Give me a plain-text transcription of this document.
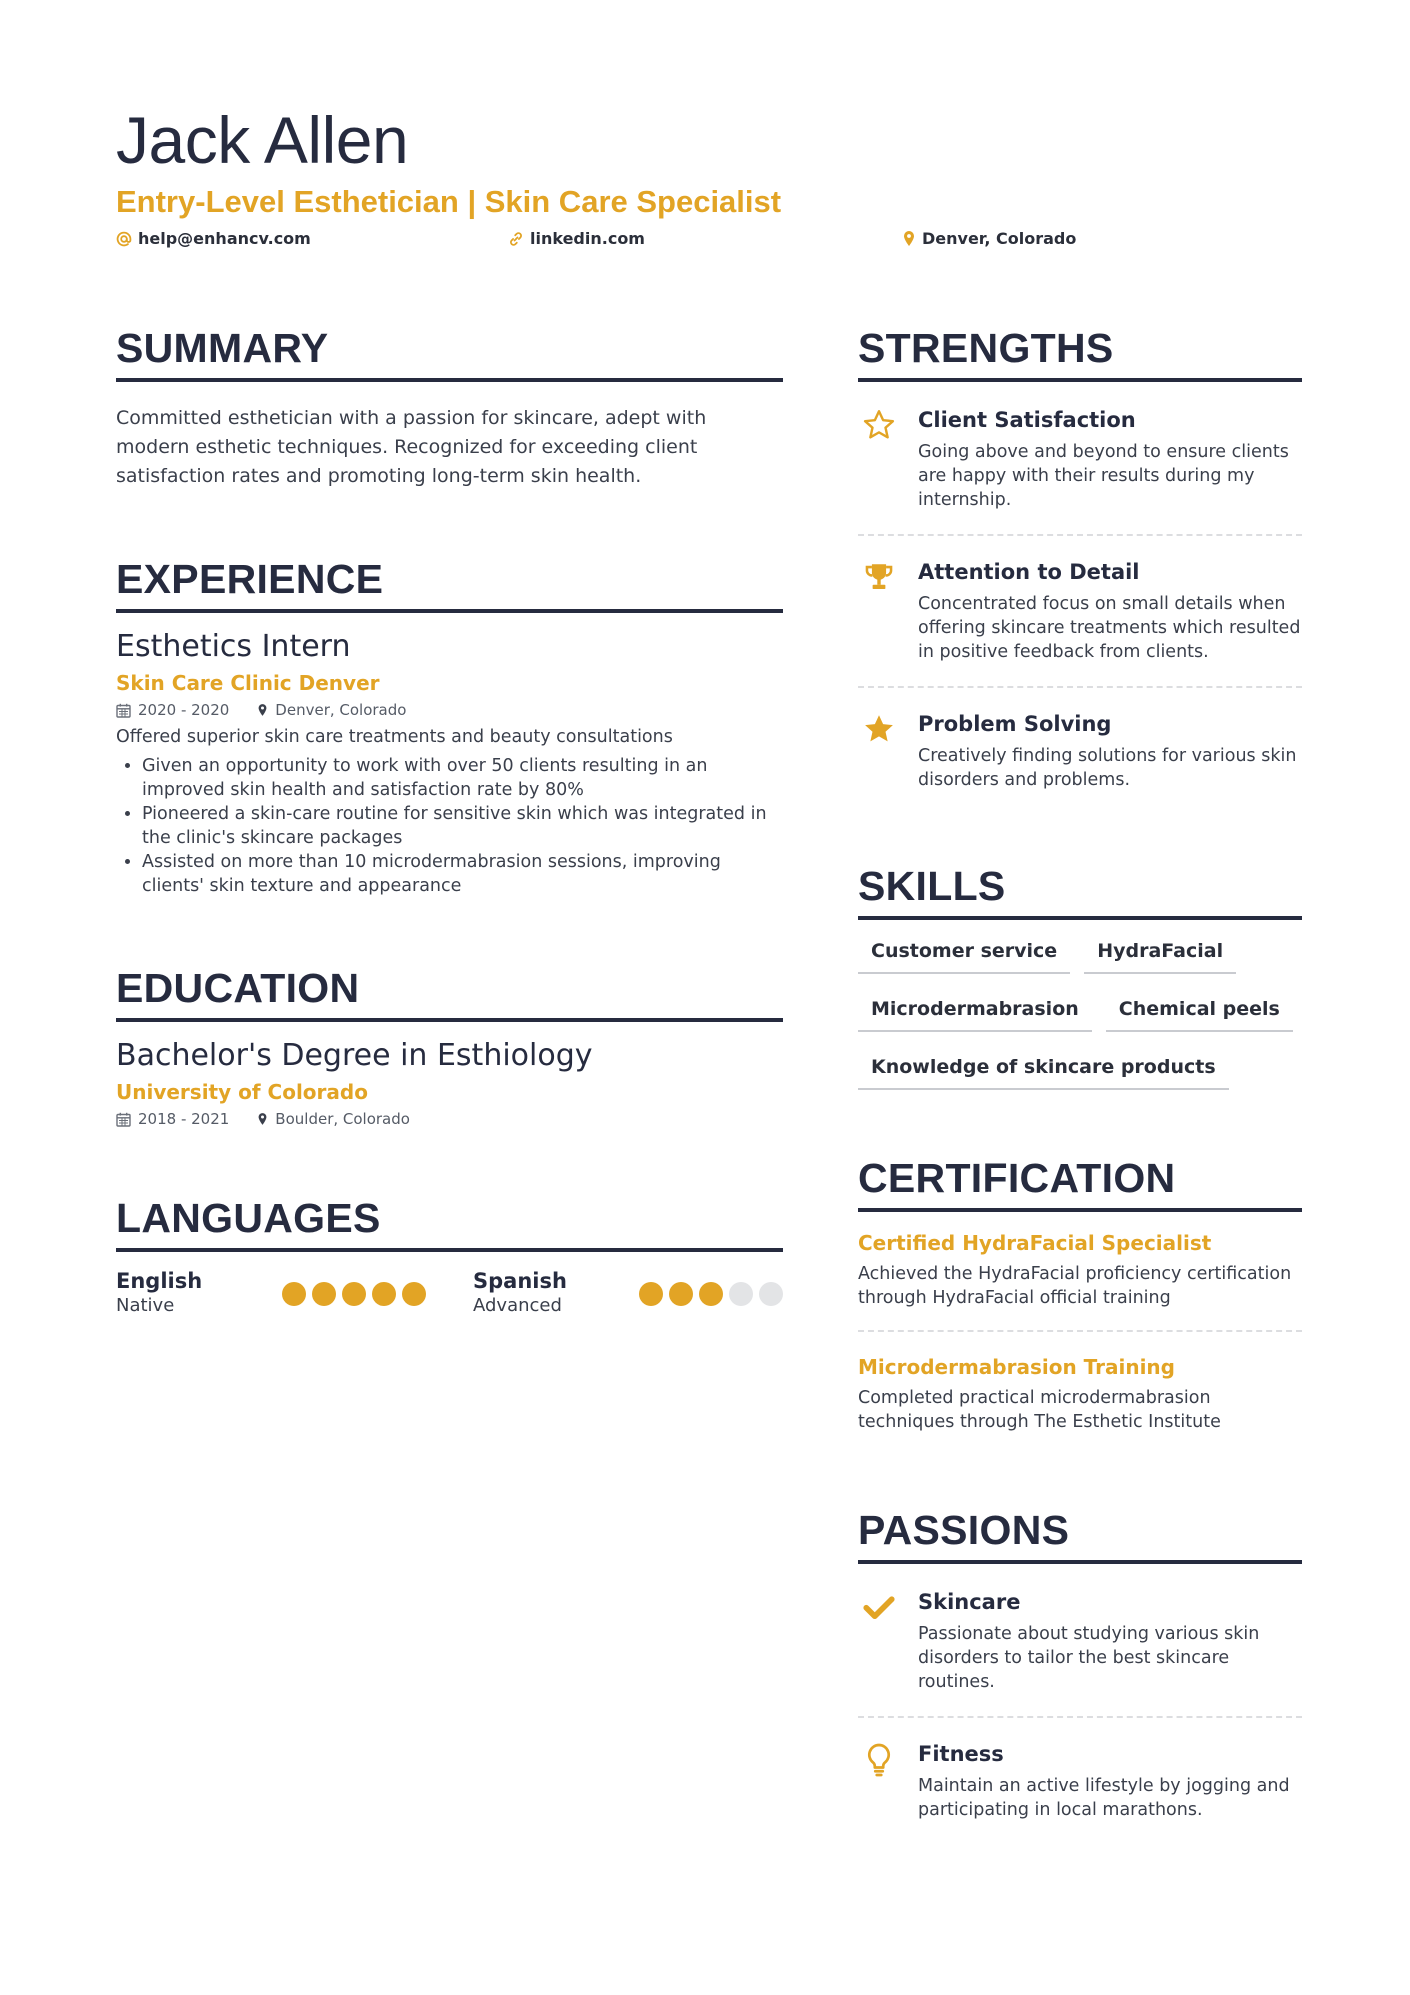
Jack Allen
Entry-Level Esthetician | Skin Care Specialist
help@enhancv.com	linkedin.com	Denver, Colorado
SUMMARY

Committed esthetician with a passion for skincare, adept with modern esthetic techniques. Recognized for exceeding client satisfaction rates and promoting long-term skin health.

EXPERIENCE

Esthetics Intern

Skin Care Clinic Denver

2020 - 2020	Denver, Colorado

Offered superior skin care treatments and beauty consultations

• Given an opportunity to work with over 50 clients resulting in an improved skin health and satisfaction rate by 80%
• Pioneered a skin-care routine for sensitive skin which was integrated in the clinic's skincare packages
• Assisted on more than 10 microdermabrasion sessions, improving clients' skin texture and appearance
EDUCATION

Bachelor's Degree in Esthiology

University of Colorado

2018 - 2021	Boulder, Colorado
LANGUAGES

English

Native

Spanish

Advanced

STRENGTHS

Client Satisfaction

Going above and beyond to ensure clients are happy with their results during my internship.

Attention to Detail

Concentrated focus on small details when offering skincare treatments which resulted in positive feedback from clients.

Problem Solving

Creatively finding solutions for various skin disorders and problems.

SKILLS
Customer service	HydraFacial
Microdermabrasion	Chemical peels
Knowledge of skincare products
CERTIFICATION

Certified HydraFacial Specialist

Achieved the HydraFacial proficiency certification through HydraFacial official training

Microdermabrasion Training

Completed practical microdermabrasion techniques through The Esthetic Institute

PASSIONS

Skincare

Passionate about studying various skin disorders to tailor the best skincare routines.

Fitness

Maintain an active lifestyle by jogging and participating in local marathons.
